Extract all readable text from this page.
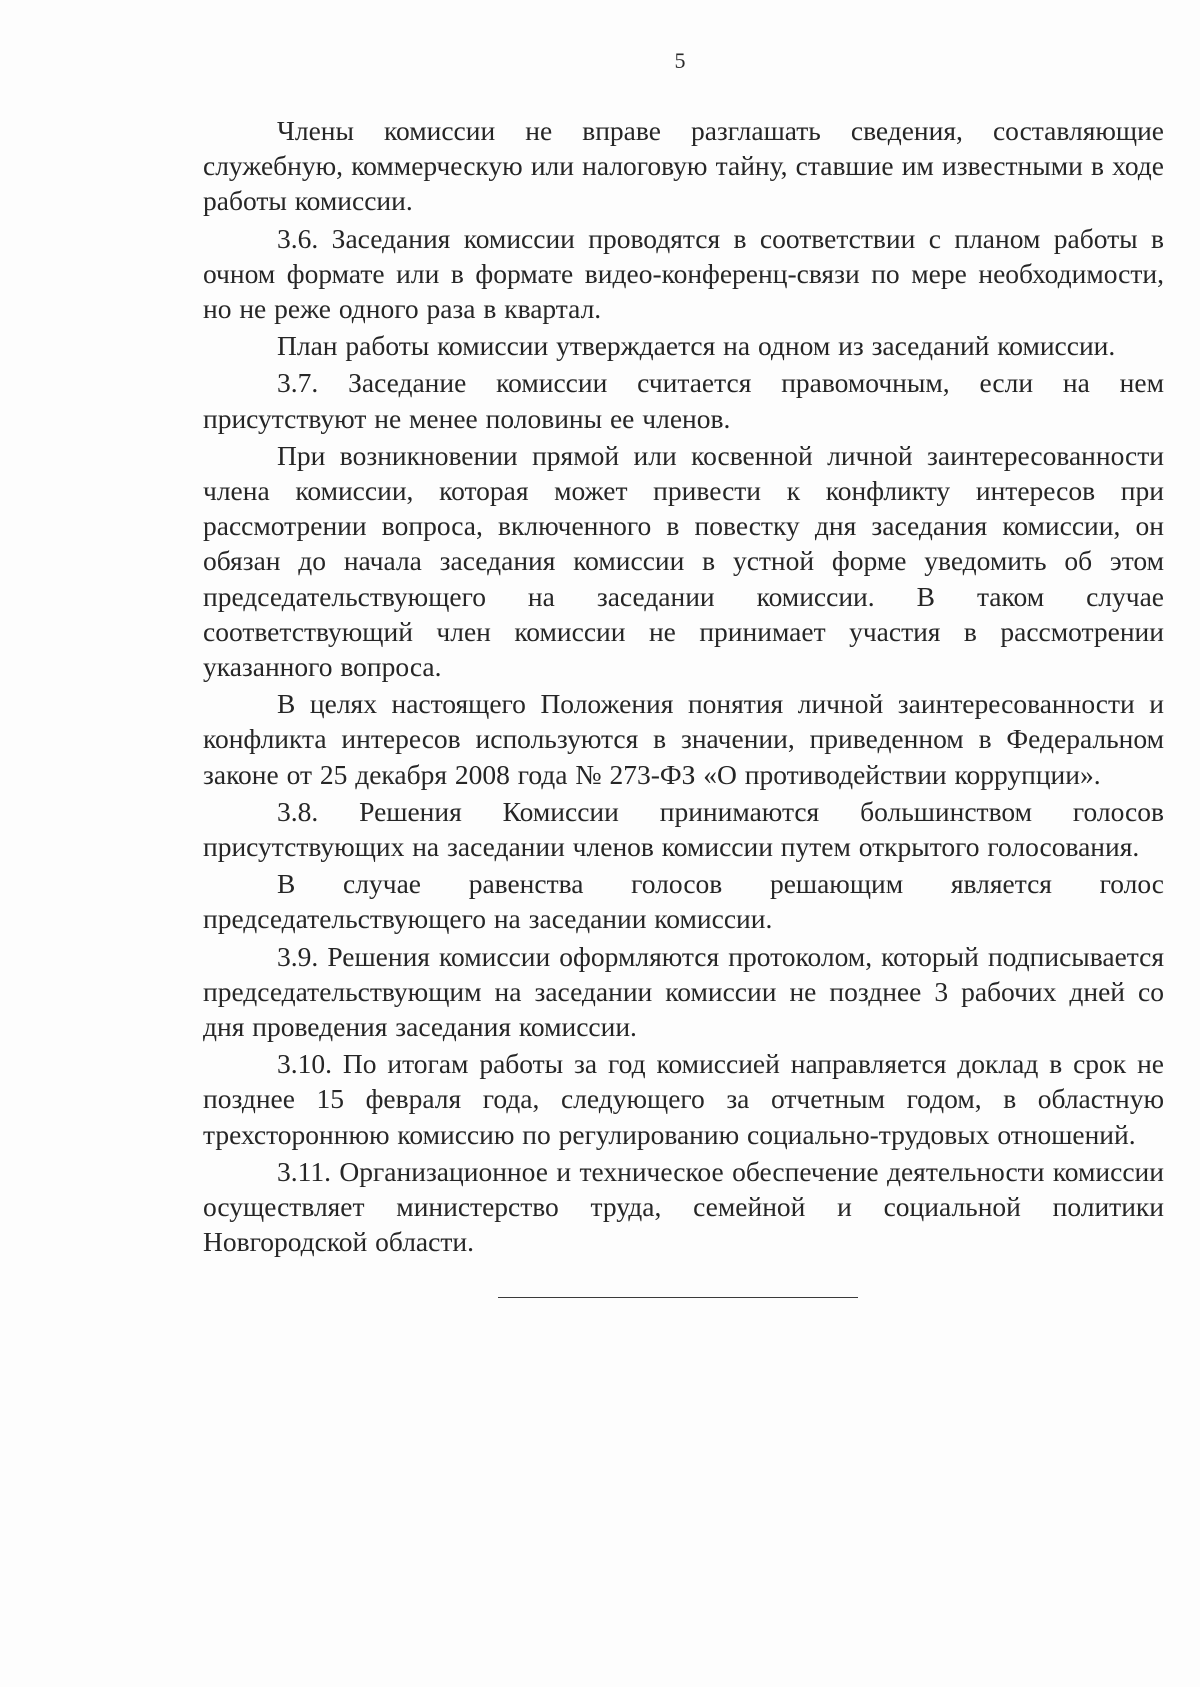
5

Члены комиссии не вправе разглашать сведения, составляющие служебную, коммерческую или налоговую тайну, ставшие им известными в ходе работы комиссии.

3.6. Заседания комиссии проводятся в соответствии с планом работы в очном формате или в формате видео-конференц-связи по мере необходимости, но не реже одного раза в квартал.

План работы комиссии утверждается на одном из заседаний комиссии.

3.7. Заседание комиссии считается правомочным, если на нем присутствуют не менее половины ее членов.

При возникновении прямой или косвенной личной заинтересованности члена комиссии, которая может привести к конфликту интересов при рассмотрении вопроса, включенного в повестку дня заседания комиссии, он обязан до начала заседания комиссии в устной форме уведомить об этом председательствующего на заседании комиссии. В таком случае соответствующий член комиссии не принимает участия в рассмотрении указанного вопроса.

В целях настоящего Положения понятия личной заинтересованности и конфликта интересов используются в значении, приведенном в Федеральном законе от 25 декабря 2008 года № 273-ФЗ «О противодействии коррупции».

3.8. Решения Комиссии принимаются большинством голосов присутствующих на заседании членов комиссии путем открытого голосования.

В случае равенства голосов решающим является голос председательствующего на заседании комиссии.

3.9. Решения комиссии оформляются протоколом, который подписывается председательствующим на заседании комиссии не позднее 3 рабочих дней со дня проведения заседания комиссии.

3.10. По итогам работы за год комиссией направляется доклад в срок не позднее 15 февраля года, следующего за отчетным годом, в областную трехстороннюю комиссию по регулированию социально-трудовых отношений.

3.11. Организационное и техническое обеспечение деятельности комиссии осуществляет министерство труда, семейной и социальной политики Новгородской области.
